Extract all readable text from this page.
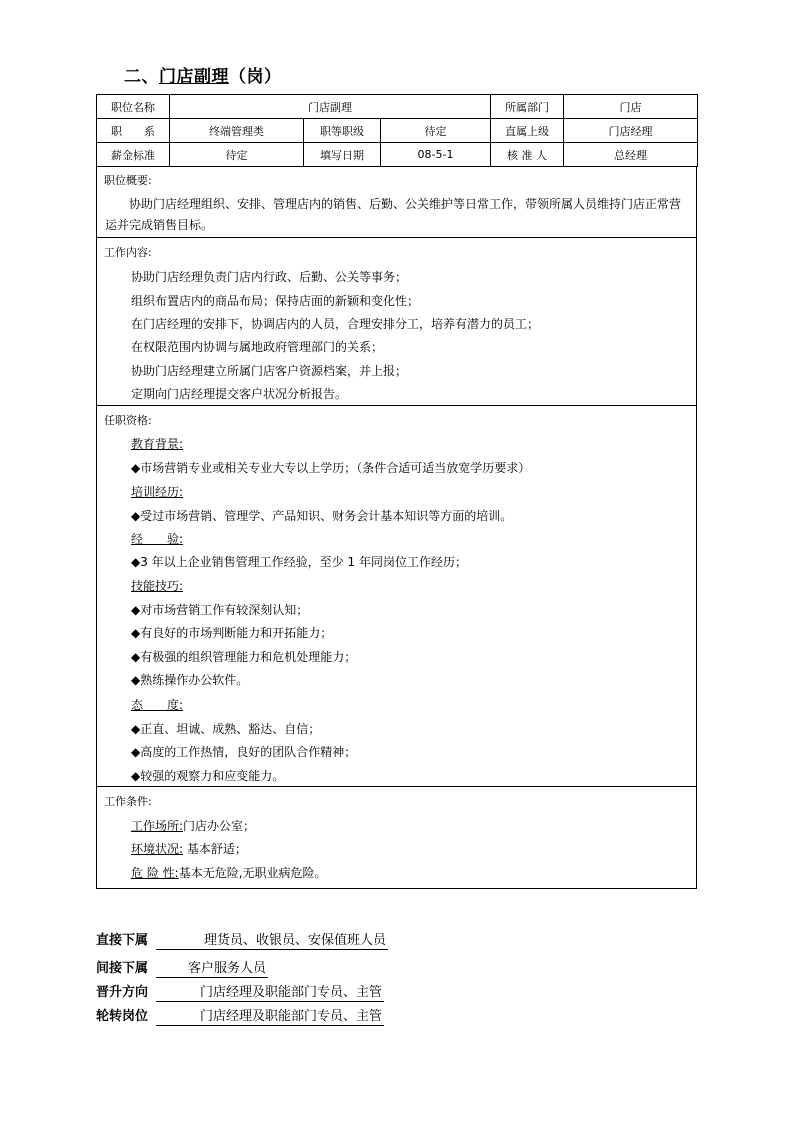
二、门店副理（岗）
职位名称	门店副理			所属部门	门店
职　　系	终端管理类	职等职级	待定	直属上级	门店经理
薪金标准	待定	填写日期	08-5-1	核 准 人	总经理
职位概要:
协助门店经理组织、安排、管理店内的销售、后勤、公关维护等日常工作，带领所属人员维持门店正常营运并完成销售目标。
工作内容:
协助门店经理负责门店内行政、后勤、公关等事务；
组织布置店内的商品布局；保持店面的新颖和变化性；
在门店经理的安排下，协调店内的人员，合理安排分工，培养有潜力的员工；
在权限范围内协调与属地政府管理部门的关系；
协助门店经理建立所属门店客户资源档案，并上报；
定期向门店经理提交客户状况分析报告。
任职资格:
教育背景:
◆市场营销专业或相关专业大专以上学历；（条件合适可适当放宽学历要求）
培训经历:
◆受过市场营销、管理学、产品知识、财务会计基本知识等方面的培训。
经　　验:
◆3 年以上企业销售管理工作经验，至少 1 年同岗位工作经历；
技能技巧:
◆对市场营销工作有较深刻认知；
◆有良好的市场判断能力和开拓能力；
◆有极强的组织管理能力和危机处理能力；
◆熟练操作办公软件。
态　　度:
◆正直、坦诚、成熟、豁达、自信；
◆高度的工作热情，良好的团队合作精神；
◆较强的观察力和应变能力。
工作条件:
工作场所:门店办公室；
环境状况: 基本舒适；
危 险 性:基本无危险,无职业病危险。
直接下属	理货员、收银员、安保值班人员
间接下属	客户服务人员
晋升方向	门店经理及职能部门专员、主管
轮转岗位	门店经理及职能部门专员、主管
